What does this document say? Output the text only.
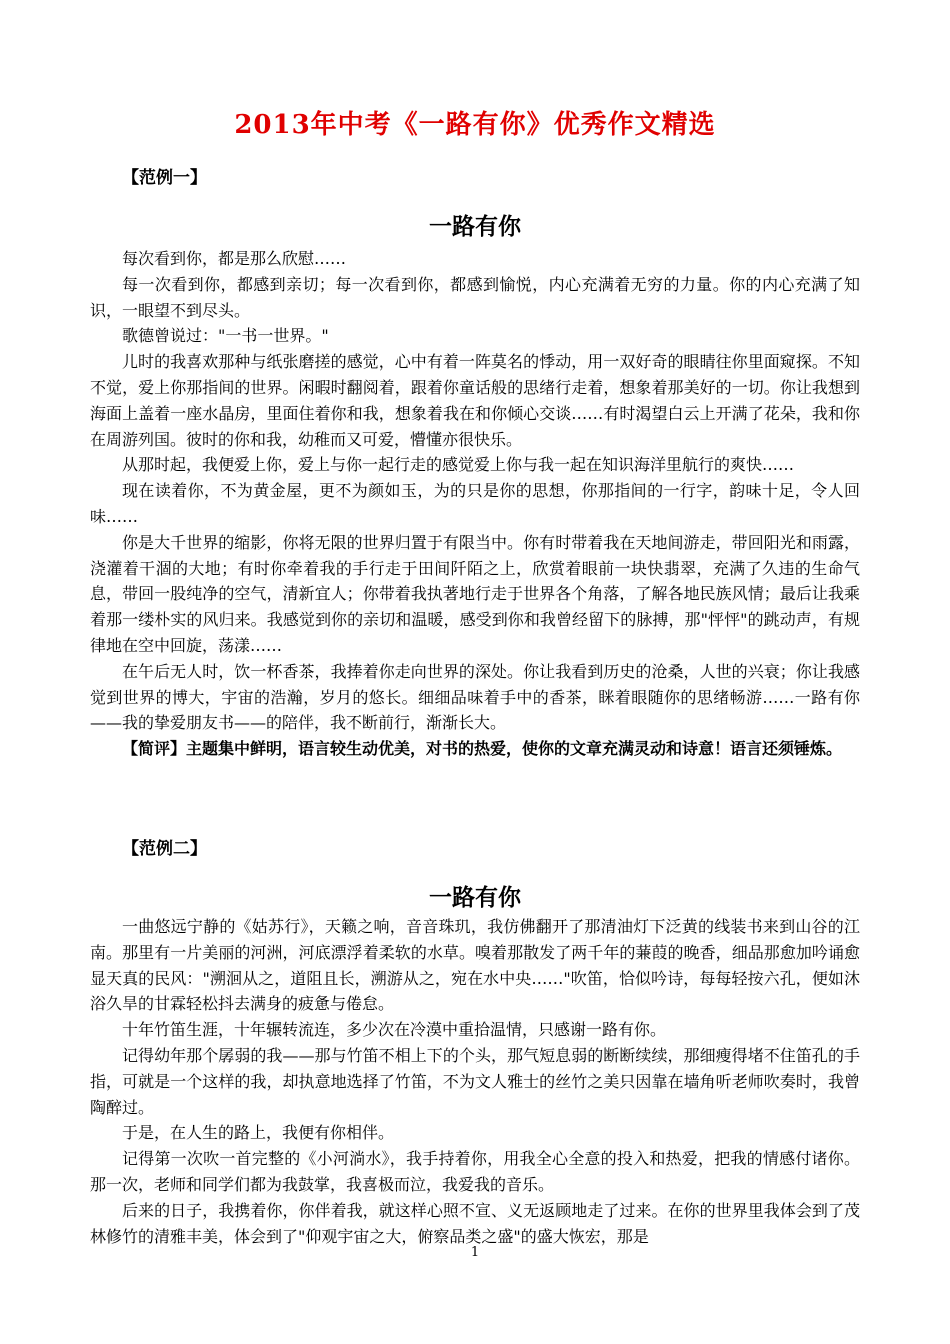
2013年中考《一路有你》优秀作文精选
【范例一】
一路有你

每次看到你，都是那么欣慰……

每一次看到你，都感到亲切；每一次看到你，都感到愉悦，内心充满着无穷的力量。你的内心充满了知识，一眼望不到尽头。

歌德曾说过："一书一世界。"

儿时的我喜欢那种与纸张磨搓的感觉，心中有着一阵莫名的悸动，用一双好奇的眼睛往你里面窥探。不知不觉，爱上你那指间的世界。闲暇时翻阅着，跟着你童话般的思绪行走着，想象着那美好的一切。你让我想到海面上盖着一座水晶房，里面住着你和我，想象着我在和你倾心交谈……有时渴望白云上开满了花朵，我和你在周游列国。彼时的你和我，幼稚而又可爱，懵懂亦很快乐。

从那时起，我便爱上你，爱上与你一起行走的感觉爱上你与我一起在知识海洋里航行的爽快……

现在读着你，不为黄金屋，更不为颜如玉，为的只是你的思想，你那指间的一行字，韵味十足，令人回味……

你是大千世界的缩影，你将无限的世界归置于有限当中。你有时带着我在天地间游走，带回阳光和雨露，浇灌着干涸的大地；有时你牵着我的手行走于田间阡陌之上，欣赏着眼前一块快翡翠，充满了久违的生命气息，带回一股纯净的空气，清新宜人；你带着我执著地行走于世界各个角落，了解各地民族风情；最后让我乘着那一缕朴实的风归来。我感觉到你的亲切和温暖，感受到你和我曾经留下的脉搏，那"怦怦"的跳动声，有规律地在空中回旋，荡漾……

在午后无人时，饮一杯香茶，我捧着你走向世界的深处。你让我看到历史的沧桑，人世的兴衰；你让我感觉到世界的博大，宇宙的浩瀚，岁月的悠长。细细品味着手中的香茶，眯着眼随你的思绪畅游……一路有你——我的挚爱朋友书——的陪伴，我不断前行，渐渐长大。

【简评】主题集中鲜明，语言较生动优美，对书的热爱，使你的文章充满灵动和诗意！语言还须锤炼。

【范例二】
一路有你

一曲悠远宁静的《姑苏行》，天籁之响，音音珠玑，我仿佛翻开了那清油灯下泛黄的线装书来到山谷的江南。那里有一片美丽的河洲，河底漂浮着柔软的水草。嗅着那散发了两千年的蒹葭的晚香，细品那愈加吟诵愈显天真的民风："溯洄从之，道阻且长，溯游从之，宛在水中央……"吹笛，恰似吟诗，每每轻按六孔，便如沐浴久旱的甘霖轻松抖去满身的疲惫与倦怠。

十年竹笛生涯，十年辗转流连，多少次在冷漠中重拾温情，只感谢一路有你。

记得幼年那个孱弱的我——那与竹笛不相上下的个头，那气短息弱的断断续续，那细瘦得堵不住笛孔的手指，可就是一个这样的我，却执意地选择了竹笛，不为文人雅士的丝竹之美只因靠在墙角听老师吹奏时，我曾陶醉过。

于是，在人生的路上，我便有你相伴。

记得第一次吹一首完整的《小河淌水》，我手持着你，用我全心全意的投入和热爱，把我的情感付诸你。那一次，老师和同学们都为我鼓掌，我喜极而泣，我爱我的音乐。

后来的日子，我携着你，你伴着我，就这样心照不宣、义无返顾地走了过来。在你的世界里我体会到了茂林修竹的清雅丰美，体会到了"仰观宇宙之大，俯察品类之盛"的盛大恢宏，那是

1
